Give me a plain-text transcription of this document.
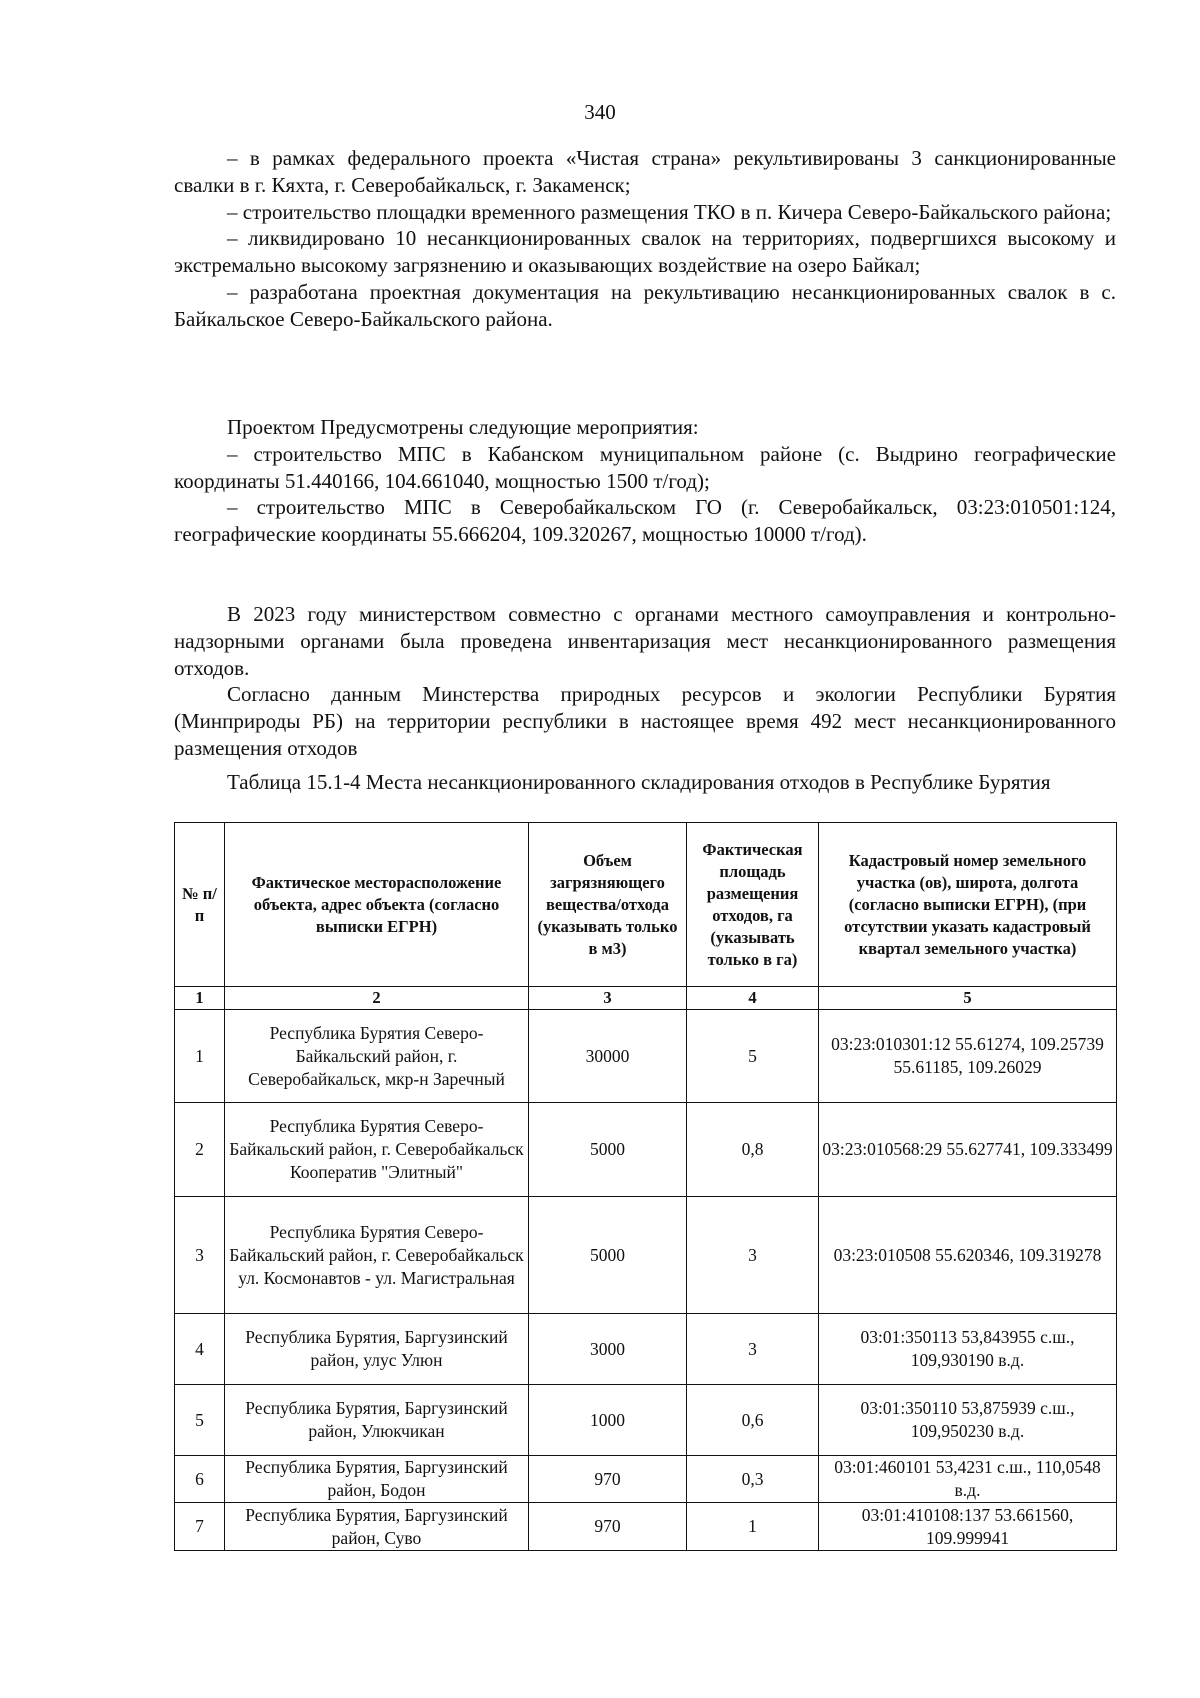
340

– в рамках федерального проекта «Чистая страна» рекультивированы 3 санкционированные свалки в г. Кяхта, г. Северобайкальск, г. Закаменск;

– строительство площадки временного размещения ТКО в п. Кичера Северо-Байкальского района;

– ликвидировано 10 несанкционированных свалок на территориях, подвергшихся высокому и экстремально высокому загрязнению и оказывающих воздействие на озеро Байкал;

– разработана проектная документация на рекультивацию несанкционированных свалок в с. Байкальское Северо-Байкальского района.

Проектом Предусмотрены следующие мероприятия:

– строительство МПС в Кабанском муниципальном районе (с. Выдрино географические координаты 51.440166, 104.661040, мощностью 1500 т/год);

– строительство МПС в Северобайкальском ГО (г. Северобайкальск, 03:23:010501:124, географические координаты 55.666204, 109.320267, мощностью 10000 т/год).

В 2023 году министерством совместно с органами местного самоуправления и контрольно-надзорными органами была проведена инвентаризация мест несанкционированного размещения отходов.

Согласно данным Минстерства природных ресурсов и экологии Республики Бурятия (Минприроды РБ) на территории республики в настоящее время 492 мест несанкционированного размещения отходов

Таблица 15.1-4 Места несанкционированного складирования отходов в Республике Бурятия

№ п/п	Фактическое месторасположение объекта, адрес объекта (согласно выписки ЕГРН)	Объем загрязняющего вещества/отхода (указывать только в м3)	Фактическая площадь размещения отходов, га (указывать только в га)	Кадастровый номер земельного участка (ов), широта, долгота (согласно выписки ЕГРН), (при отсутствии указать кадастровый квартал земельного участка)
1	2	3	4	5
1	Республика Бурятия Северо-Байкальский район, г. Северобайкальск, мкр-н Заречный	30000	5	03:23:010301:12 55.61274, 109.25739
55.61185, 109.26029

2	Республика Бурятия Северо-Байкальский район, г. Северобайкальск Кооператив "Элитный"	5000	0,8	03:23:010568:29 55.627741, 109.333499

3	Республика Бурятия Северо-Байкальский район, г. Северобайкальск ул. Космонавтов - ул. Магистральная	5000	3	03:23:010508 55.620346, 109.319278

4	Республика Бурятия, Баргузинский район, улус Улюн	3000	3	03:01:350113 53,843955 с.ш., 109,930190 в.д.

5	Республика Бурятия, Баргузинский район, Улюкчикан	1000	0,6	03:01:350110 53,875939 с.ш., 109,950230 в.д.

6	Республика Бурятия, Баргузинский район, Бодон	970	0,3	03:01:460101 53,4231 с.ш., 110,0548 в.д.

7	Республика Бурятия, Баргузинский район, Суво	970	1	03:01:410108:137 53.661560, 109.999941
